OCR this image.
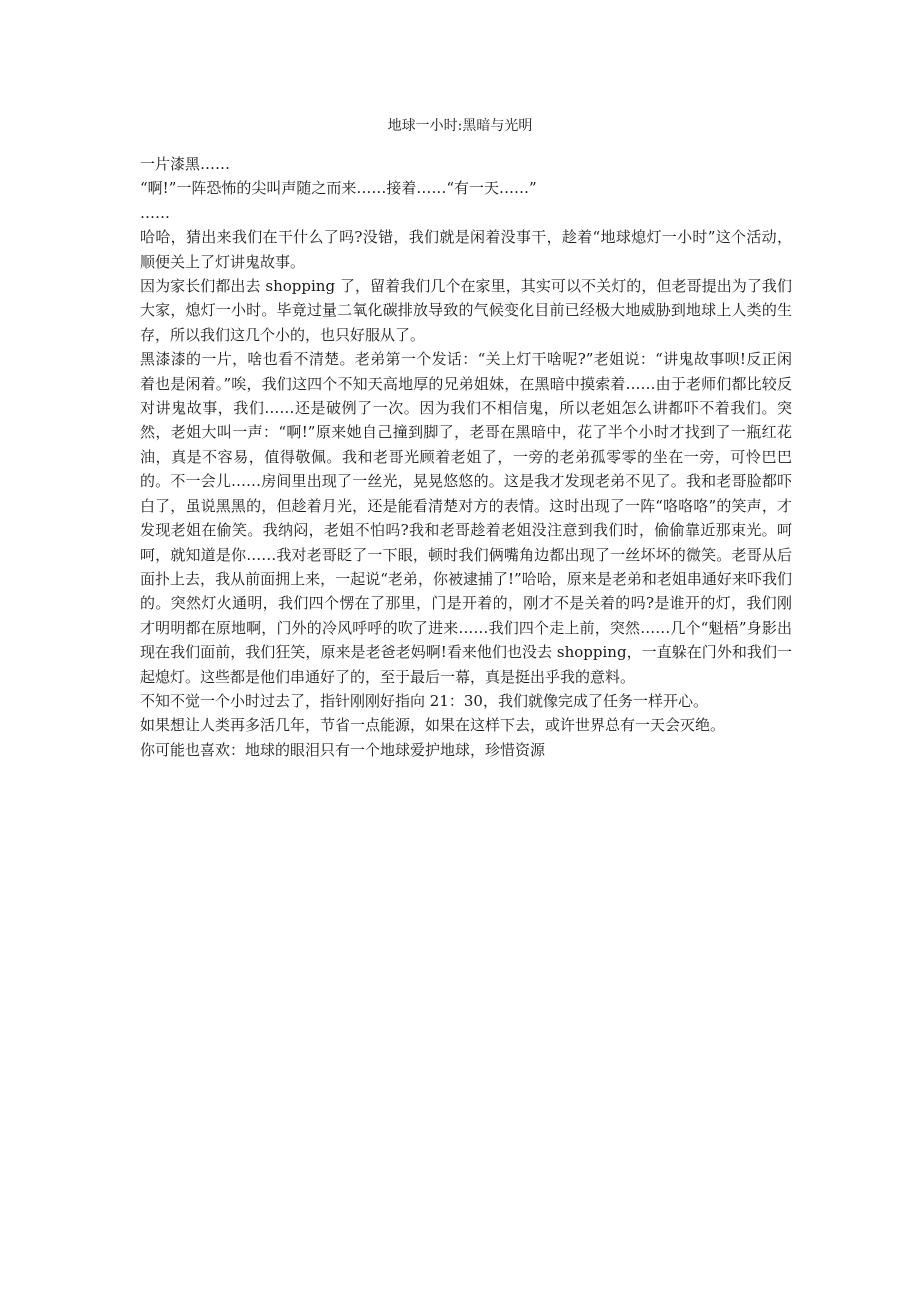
地球一小时:黑暗与光明

一片漆黑……

“啊!”一阵恐怖的尖叫声随之而来……接着……“有一天……”

……

哈哈，猜出来我们在干什么了吗?没错，我们就是闲着没事干，趁着“地球熄灯一小时”这个活动，顺便关上了灯讲鬼故事。

因为家长们都出去 shopping 了，留着我们几个在家里，其实可以不关灯的，但老哥提出为了我们大家，熄灯一小时。毕竟过量二氧化碳排放导致的气候变化目前已经极大地威胁到地球上人类的生存，所以我们这几个小的，也只好服从了。

黑漆漆的一片，啥也看不清楚。老弟第一个发话：“关上灯干啥呢?”老姐说：“讲鬼故事呗!反正闲着也是闲着。”唉，我们这四个不知天高地厚的兄弟姐妹，在黑暗中摸索着……由于老师们都比较反对讲鬼故事，我们……还是破例了一次。因为我们不相信鬼，所以老姐怎么讲都吓不着我们。突然，老姐大叫一声：“啊!”原来她自己撞到脚了，老哥在黑暗中，花了半个小时才找到了一瓶红花油，真是不容易，值得敬佩。我和老哥光顾着老姐了，一旁的老弟孤零零的坐在一旁，可怜巴巴的。不一会儿……房间里出现了一丝光，晃晃悠悠的。这是我才发现老弟不见了。我和老哥脸都吓白了，虽说黑黑的，但趁着月光，还是能看清楚对方的表情。这时出现了一阵“咯咯咯”的笑声，才发现老姐在偷笑。我纳闷，老姐不怕吗?我和老哥趁着老姐没注意到我们时，偷偷靠近那束光。呵呵，就知道是你……我对老哥眨了一下眼，顿时我们俩嘴角边都出现了一丝坏坏的微笑。老哥从后面扑上去，我从前面拥上来，一起说“老弟，你被逮捕了!”哈哈，原来是老弟和老姐串通好来吓我们的。突然灯火通明，我们四个愣在了那里，门是开着的，刚才不是关着的吗?是谁开的灯，我们刚才明明都在原地啊，门外的冷风呼呼的吹了进来……我们四个走上前，突然……几个“魁梧”身影出现在我们面前，我们狂笑，原来是老爸老妈啊!看来他们也没去 shopping，一直躲在门外和我们一起熄灯。这些都是他们串通好了的，至于最后一幕，真是挺出乎我的意料。

不知不觉一个小时过去了，指针刚刚好指向 21：30，我们就像完成了任务一样开心。

如果想让人类再多活几年，节省一点能源，如果在这样下去，或许世界总有一天会灭绝。

你可能也喜欢：地球的眼泪只有一个地球爱护地球，珍惜资源
